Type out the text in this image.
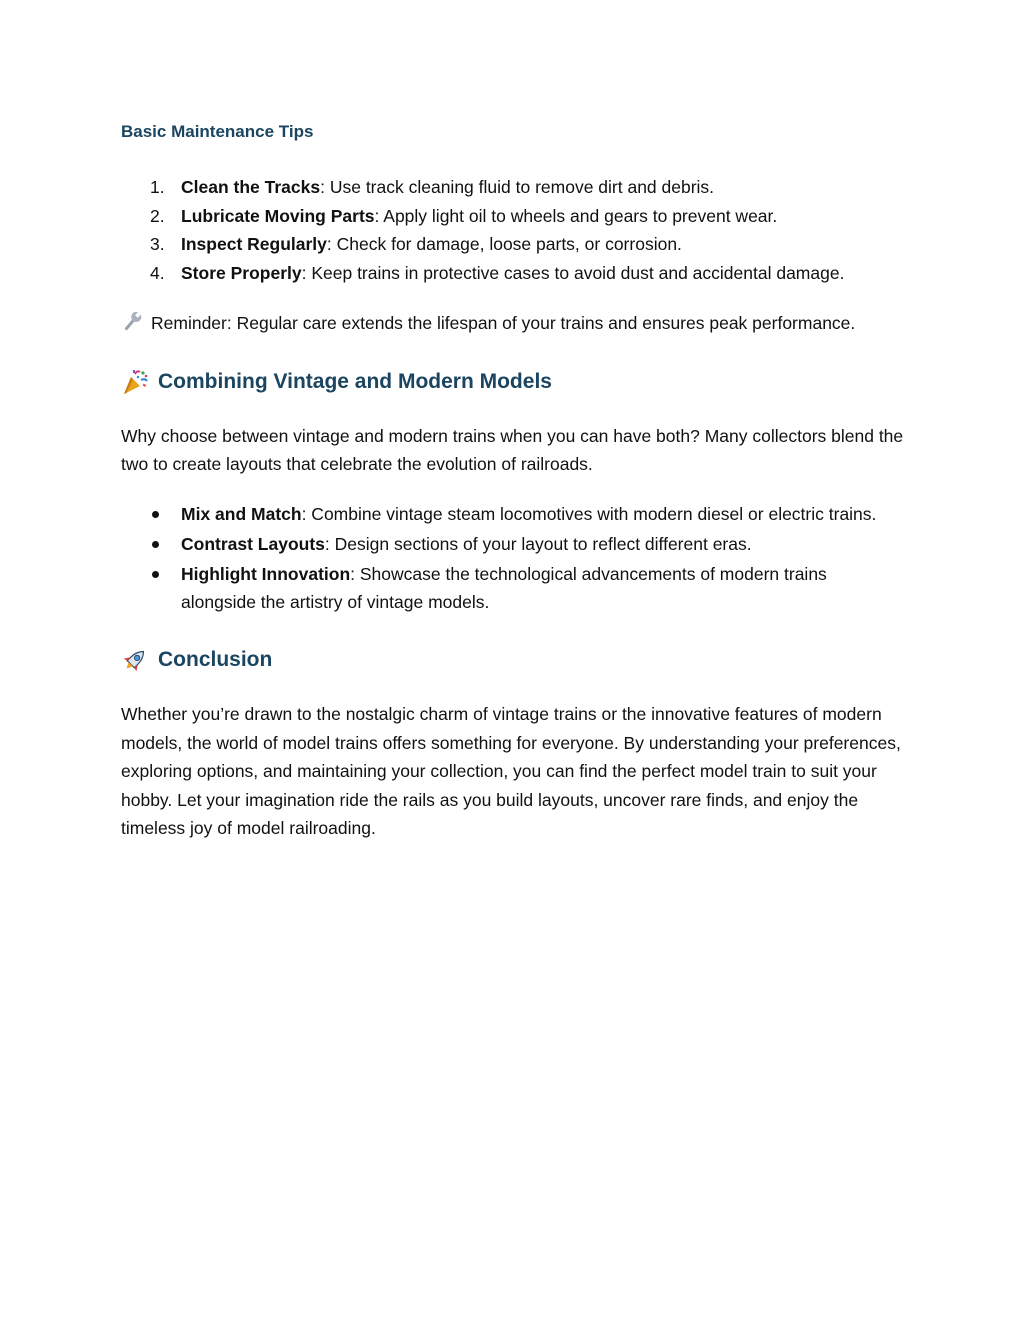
Basic Maintenance Tips
1. Clean the Tracks: Use track cleaning fluid to remove dirt and debris.
2. Lubricate Moving Parts: Apply light oil to wheels and gears to prevent wear.
3. Inspect Regularly: Check for damage, loose parts, or corrosion.
4. Store Properly: Keep trains in protective cases to avoid dust and accidental damage.

Reminder: Regular care extends the lifespan of your trains and ensures peak performance.

Combining Vintage and Modern Models

Why choose between vintage and modern trains when you can have both? Many collectors blend the two to create layouts that celebrate the evolution of railroads.

Mix and Match: Combine vintage steam locomotives with modern diesel or electric trains.
Contrast Layouts: Design sections of your layout to reflect different eras.
Highlight Innovation: Showcase the technological advancements of modern trains alongside the artistry of vintage models.
Conclusion

Whether you’re drawn to the nostalgic charm of vintage trains or the innovative features of modern models, the world of model trains offers something for everyone. By understanding your preferences, exploring options, and maintaining your collection, you can find the perfect model train to suit your hobby. Let your imagination ride the rails as you build layouts, uncover rare finds, and enjoy the timeless joy of model railroading.
